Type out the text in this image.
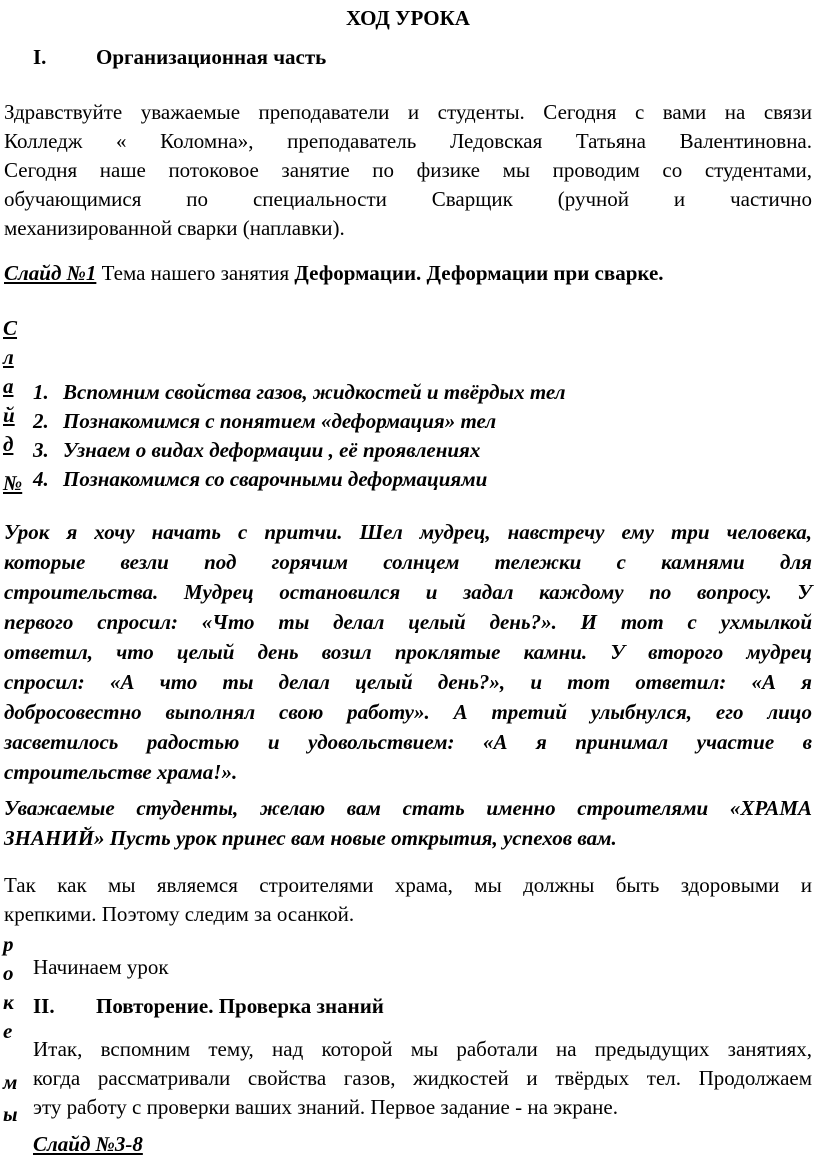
ХОД УРОКА
I. Организационная часть
Здравствуйте уважаемые преподаватели и студенты. Сегодня с вами на связи
Колледж « Коломна», преподаватель Ледовская Татьяна Валентиновна.
Сегодня наше потоковое занятие по физике мы проводим со студентами,
обучающимися по специальности Сварщик (ручной и частично
механизированной сварки (наплавки).
Слайд №1 Тема нашего занятия Деформации. Деформации при сварке.
С
л
а
й
д
№
1. Вспомним свойства газов, жидкостей и твёрдых тел
2. Познакомимся с понятием «деформация» тел
3. Узнаем о видах деформации , её проявлениях
4. Познакомимся со сварочными деформациями
Урок я хочу начать с притчи. Шел мудрец, навстречу ему три человека,
которые везли под горячим солнцем тележки с камнями для
строительства. Мудрец остановился и задал каждому по вопросу. У
первого спросил: «Что ты делал целый день?». И тот с ухмылкой
ответил, что целый день возил проклятые камни. У второго мудрец
спросил: «А что ты делал целый день?», и тот ответил: «А я
добросовестно выполнял свою работу». А третий улыбнулся, его лицо
засветилось радостью и удовольствием: «А я принимал участие в
строительстве храма!».
Уважаемые студенты, желаю вам стать именно строителями «ХРАМА
ЗНАНИЙ» Пусть урок принес вам новые открытия, успехов вам.
Так как мы являемся строителями храма, мы должны быть здоровыми и
крепкими. Поэтому следим за осанкой.
р
о
к
е
м
ы
Начинаем урок
II. Повторение. Проверка знаний
Итак, вспомним тему, над которой мы работали на предыдущих занятиях,
когда рассматривали свойства газов, жидкостей и твёрдых тел. Продолжаем
эту работу с проверки ваших знаний. Первое задание - на экране.
Слайд №3-8
